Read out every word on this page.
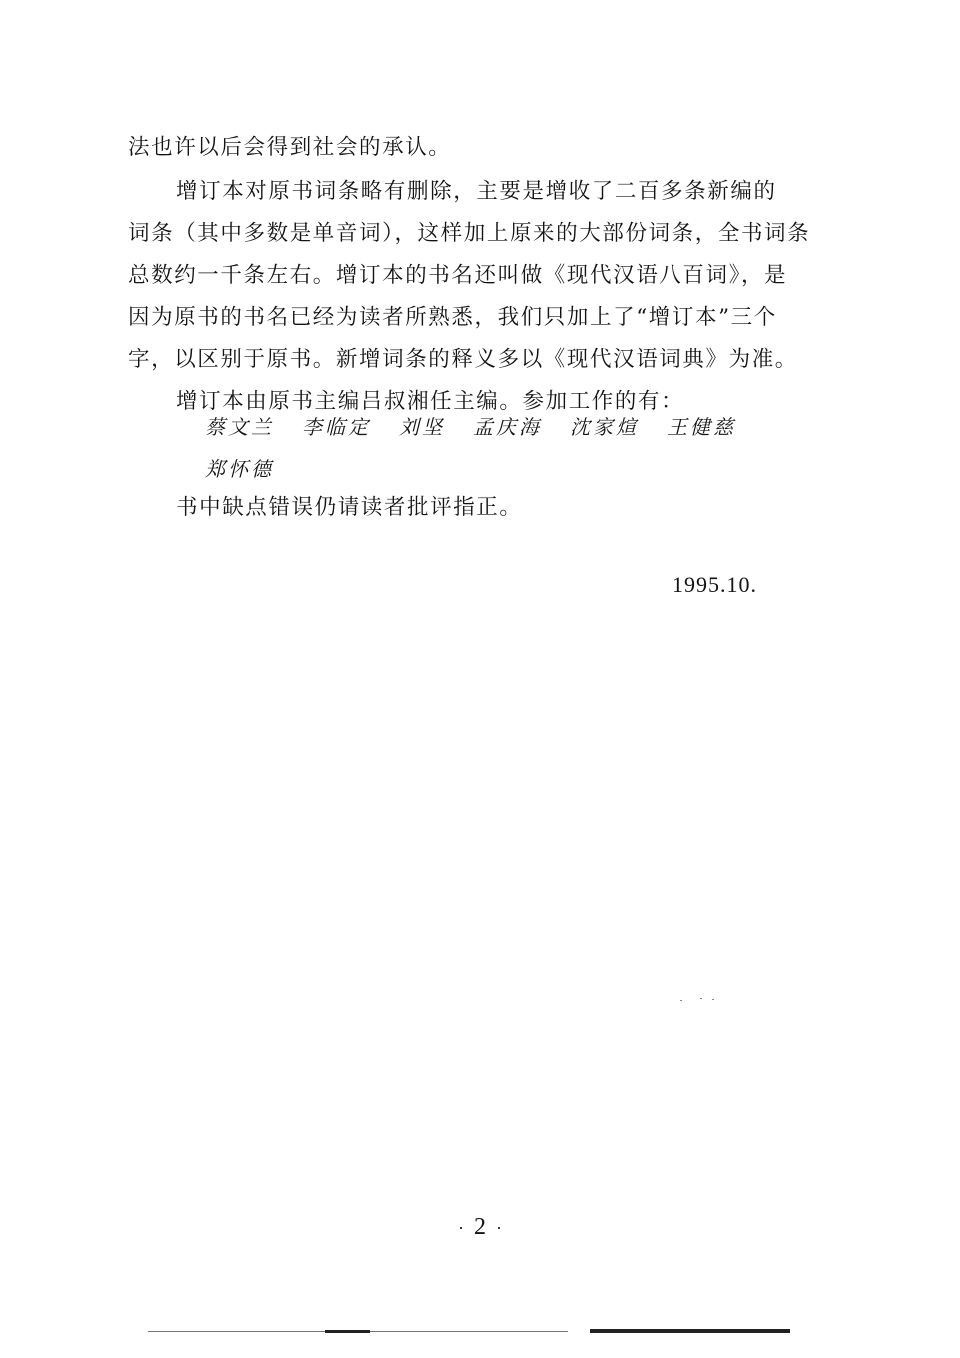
法也许以后会得到社会的承认。
增订本对原书词条略有删除，主要是增收了二百多条新编的
词条（其中多数是单音词），这样加上原来的大部份词条，全书词条
总数约一千条左右。增订本的书名还叫做《现代汉语八百词》，是
因为原书的书名已经为读者所熟悉，我们只加上了“增订本”三个
字，以区别于原书。新增词条的释义多以《现代汉语词典》为准。
增订本由原书主编吕叔湘任主编。参加工作的有：
蔡文兰 李临定 刘坚 孟庆海 沈家煊 王健慈
郑怀德
书中缺点错误仍请读者批评指正。
1995.10.
· 2 ·
